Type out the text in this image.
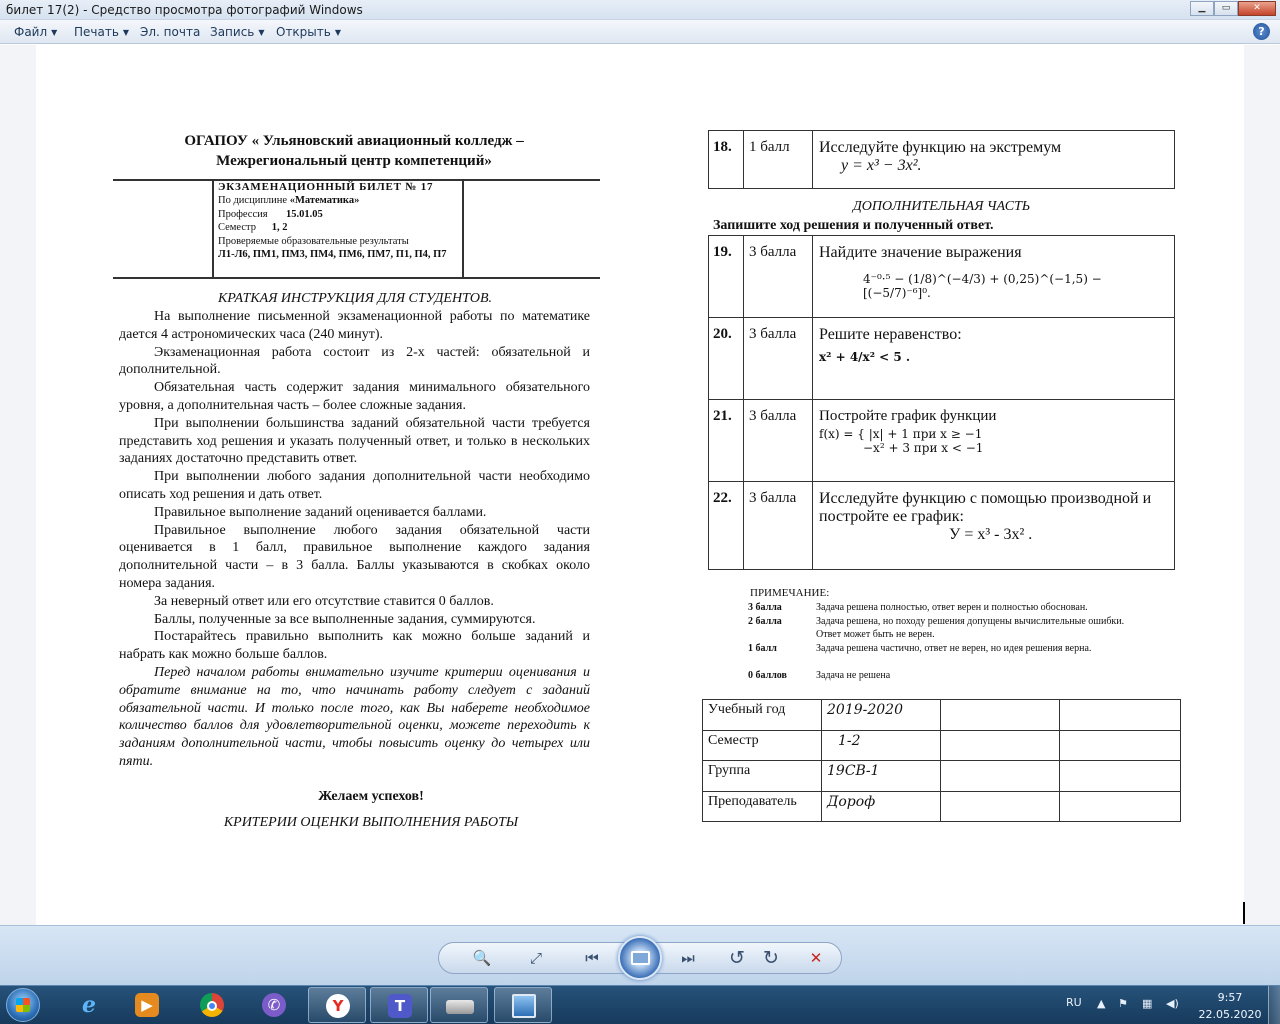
билет 17(2) - Средство просмотра фотографий Windows	▁	▭	✕
Файл ▼ Печать ▼ Эл. почта Запись ▼ Открыть ▼	?
ОГАПОУ « Ульяновский авиационный колледж –
Межрегиональный центр компетенций»
ЭКЗАМЕНАЦИОННЫЙ БИЛЕТ № 17
По дисциплине «Математика»
Профессия 15.01.05
Семестр 1, 2
Проверяемые образовательные результаты
Л1-Л6, ПМ1, ПМ3, ПМ4, ПМ6, ПМ7, П1, П4, П7
КРАТКАЯ ИНСТРУКЦИЯ ДЛЯ СТУДЕНТОВ.

На выполнение письменной экзаменационной работы по математике дается 4 астрономических часа (240 минут).

Экзаменационная работа состоит из 2-х частей: обязательной и дополнительной.

Обязательная часть содержит задания минимального обязательного уровня, а дополнительная часть – более сложные задания.

При выполнении большинства заданий обязательной части требуется представить ход решения и указать полученный ответ, и только в нескольких заданиях достаточно представить ответ.

При выполнении любого задания дополнительной части необходимо описать ход решения и дать ответ.

Правильное выполнение заданий оценивается баллами.

Правильное выполнение любого задания обязательной части оценивается в 1 балл, правильное выполнение каждого задания дополнительной части – в 3 балла. Баллы указываются в скобках около номера задания.

За неверный ответ или его отсутствие ставится 0 баллов.

Баллы, полученные за все выполненные задания, суммируются.

Постарайтесь правильно выполнить как можно больше заданий и набрать как можно больше баллов.

Перед началом работы внимательно изучите критерии оценивания и обратите внимание на то, что начинать работу следует с заданий обязательной части. И только после того, как Вы наберете необходимое количество баллов для удовлетворительной оценки, можете переходить к заданиям дополнительной части, чтобы повысить оценку до четырех или пяти.

Желаем успехов!
КРИТЕРИИ ОЦЕНКИ ВЫПОЛНЕНИЯ РАБОТЫ
18.	1 балл	Исследуйте функцию на экстремум
y = x³ − 3x².
ДОПОЛНИТЕЛЬНАЯ ЧАСТЬ
Запишите ход решения и полученный ответ.
19.	3 балла	Найдите значение выражения
4⁻⁰·⁵ − (1/8)^(−4/3) + (0,25)^(−1,5) − [(−5/7)⁻⁶]⁰.

20.	3 балла	Решите неравенство:
x² + 4/x² < 5 .

21.	3 балла	Постройте график функции
f(x) = { |x| + 1 при x ≥ −1
−x² + 3 при x < −1

22.	3 балла	Исследуйте функцию с помощью производной и постройте ее график:
У = x³ - 3x² .
ПРИМЕЧАНИЕ:
3 балла	Задача решена полностью, ответ верен и полностью обоснован.
2 балла	Задача решена, но походу решения допущены вычислительные ошибки. Ответ может быть не верен.
1 балл	Задача решена частично, ответ не верен, но идея решения верна.
0 баллов	Задача не решена
Учебный год	2019-2020		
Семестр	1-2		
Группа	19СВ-1		
Преподаватель	Дороф		
🔍	⤢	⏮	⏭	↺ ↻	✕
e	▶	✆	Y	T	RU ▲ ⚑ ▦ ◀)	9:57
22.05.2020
